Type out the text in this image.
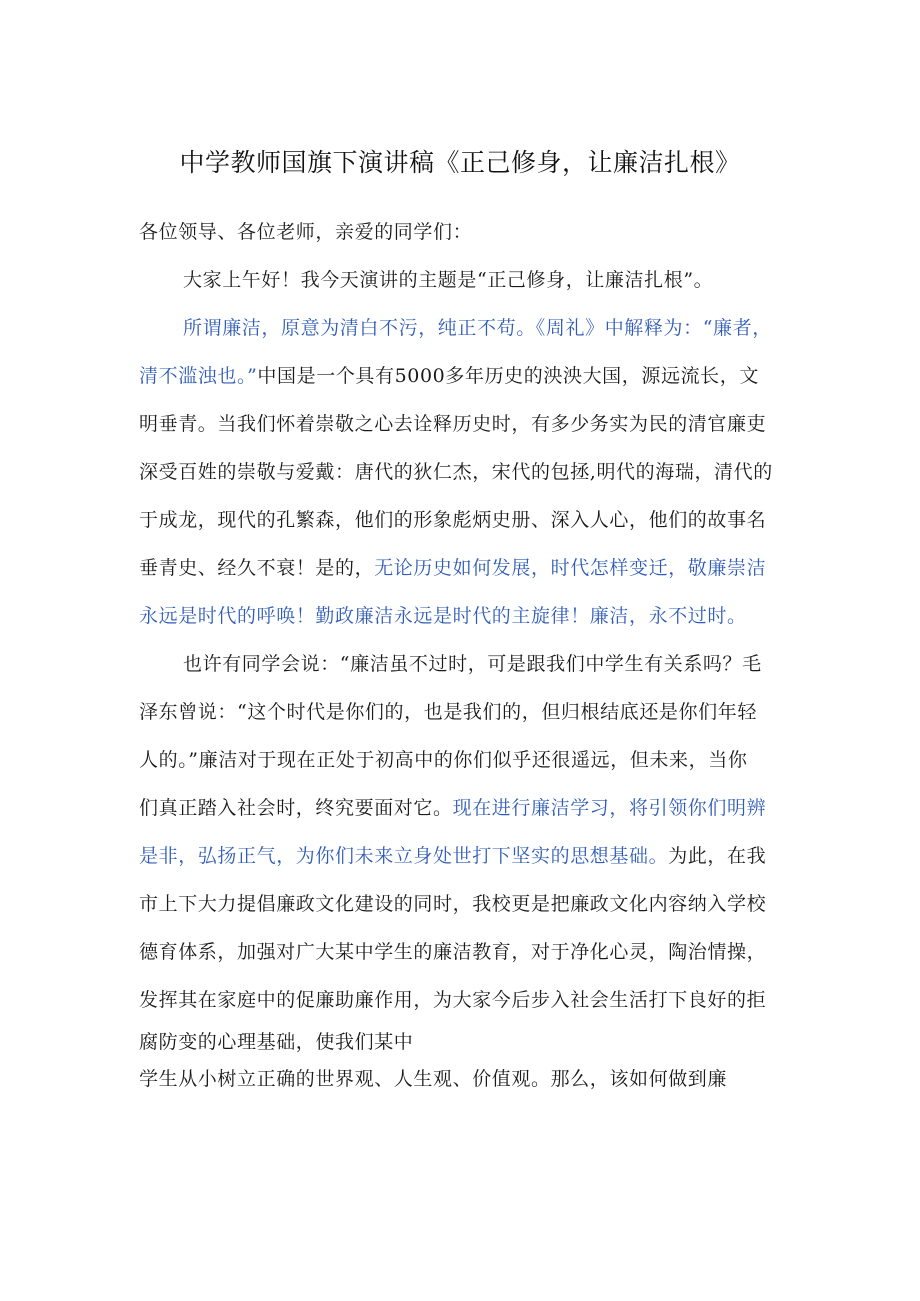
中学教师国旗下演讲稿《正己修身，让廉洁扎根》
各位领导、各位老师，亲爱的同学们：
大家上午好！我今天演讲的主题是“正己修身，让廉洁扎根”。
所谓廉洁，原意为清白不污，纯正不苟。《周礼》中解释为：“廉者，
清不滥浊也。”中国是一个具有5000多年历史的泱泱大国，源远流长，文
明垂青。当我们怀着崇敬之心去诠释历史时，有多少务实为民的清官廉吏
深受百姓的崇敬与爱戴：唐代的狄仁杰，宋代的包拯,明代的海瑞，清代的
于成龙，现代的孔繁森，他们的形象彪炳史册、深入人心，他们的故事名
垂青史、经久不衰！是的，无论历史如何发展，时代怎样变迁，敬廉崇洁
永远是时代的呼唤！勤政廉洁永远是时代的主旋律！廉洁，永不过时。
也许有同学会说：“廉洁虽不过时，可是跟我们中学生有关系吗？毛
泽东曾说：“这个时代是你们的，也是我们的，但归根结底还是你们年轻
人的。”廉洁对于现在正处于初高中的你们似乎还很遥远，但未来，当你
们真正踏入社会时，终究要面对它。现在进行廉洁学习，将引领你们明辨
是非，弘扬正气，为你们未来立身处世打下坚实的思想基础。为此，在我
市上下大力提倡廉政文化建设的同时，我校更是把廉政文化内容纳入学校
德育体系，加强对广大某中学生的廉洁教育，对于净化心灵，陶治情操，
发挥其在家庭中的促廉助廉作用，为大家今后步入社会生活打下良好的拒
腐防变的心理基础，使我们某中
学生从小树立正确的世界观、人生观、价值观。那么，该如何做到廉
